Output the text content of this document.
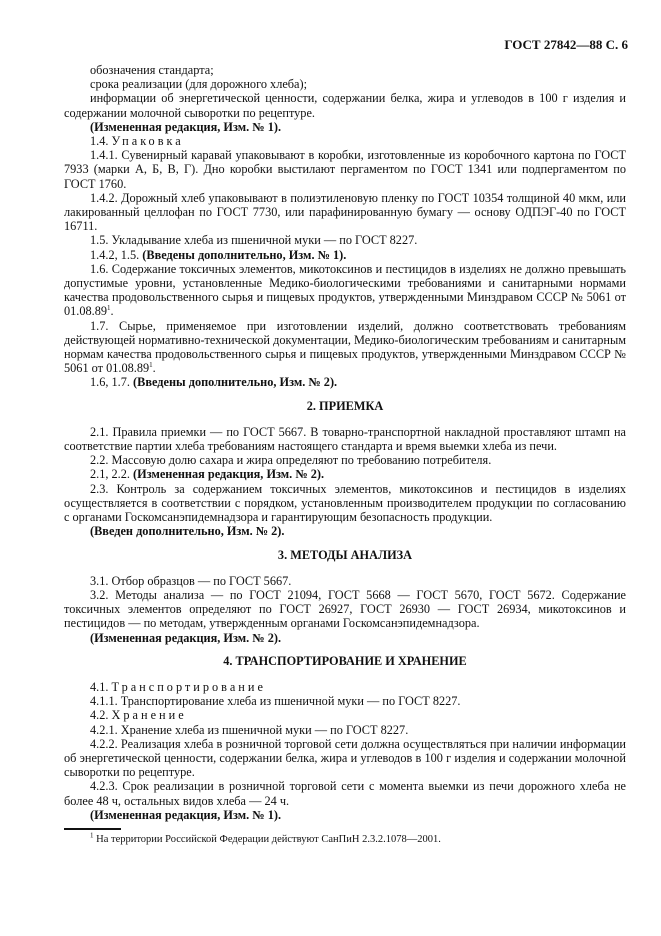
ГОСТ 27842—88 С. 6

обозначения стандарта;

срока реализации (для дорожного хлеба);

информации об энергетической ценности, содержании белка, жира и углеводов в 100 г изделия и содержании молочной сыворотки по рецептуре.

(Измененная редакция, Изм. № 1).

1.4. Упаковка

1.4.1. Сувенирный каравай упаковывают в коробки, изготовленные из коробочного картона по ГОСТ 7933 (марки А, Б, В, Г). Дно коробки выстилают пергаментом по ГОСТ 1341 или подпергаментом по ГОСТ 1760.

1.4.2. Дорожный хлеб упаковывают в полиэтиленовую пленку по ГОСТ 10354 толщиной 40 мкм, или лакированный целлофан по ГОСТ 7730, или парафинированную бумагу — основу ОДПЭГ-40 по ГОСТ 16711.

1.5. Укладывание хлеба из пшеничной муки — по ГОСТ 8227.

1.4.2, 1.5. (Введены дополнительно, Изм. № 1).

1.6. Содержание токсичных элементов, микотоксинов и пестицидов в изделиях не должно превышать допустимые уровни, установленные Медико-биологическими требованиями и санитарными нормами качества продовольственного сырья и пищевых продуктов, утвержденными Минздравом СССР № 5061 от 01.08.89$^1$.

1.7. Сырье, применяемое при изготовлении изделий, должно соответствовать требованиям действующей нормативно-технической документации, Медико-биологическим требованиям и санитарным нормам качества продовольственного сырья и пищевых продуктов, утвержденными Минздравом СССР № 5061 от 01.08.89$^1$.

1.6, 1.7. (Введены дополнительно, Изм. № 2).

2. ПРИЕМКА

2.1. Правила приемки — по ГОСТ 5667. В товарно-транспортной накладной проставляют штамп на соответствие партии хлеба требованиям настоящего стандарта и время выемки хлеба из печи.

2.2. Массовую долю сахара и жира определяют по требованию потребителя.

2.1, 2.2. (Измененная редакция, Изм. № 2).

2.3. Контроль за содержанием токсичных элементов, микотоксинов и пестицидов в изделиях осуществляется в соответствии с порядком, установленным производителем продукции по согласованию с органами Госкомсанэпидемнадзора и гарантирующим безопасность продукции.

(Введен дополнительно, Изм. № 2).

3. МЕТОДЫ АНАЛИЗА

3.1. Отбор образцов — по ГОСТ 5667.

3.2. Методы анализа — по ГОСТ 21094, ГОСТ 5668 — ГОСТ 5670, ГОСТ 5672. Содержание токсичных элементов определяют по ГОСТ 26927, ГОСТ 26930 — ГОСТ 26934, микотоксинов и пестицидов — по методам, утвержденным органами Госкомсанэпидемнадзора.

(Измененная редакция, Изм. № 2).

4. ТРАНСПОРТИРОВАНИЕ И ХРАНЕНИЕ

4.1. Транспортирование

4.1.1. Транспортирование хлеба из пшеничной муки — по ГОСТ 8227.

4.2. Хранение

4.2.1. Хранение хлеба из пшеничной муки — по ГОСТ 8227.

4.2.2. Реализация хлеба в розничной торговой сети должна осуществляться при наличии информации об энергетической ценности, содержании белка, жира и углеводов в 100 г изделия и содержании молочной сыворотки по рецептуре.

4.2.3. Срок реализации в розничной торговой сети с момента выемки из печи дорожного хлеба не более 48 ч, остальных видов хлеба — 24 ч.

(Измененная редакция, Изм. № 1).

$^1$ На территории Российской Федерации действуют СанПиН 2.3.2.1078—2001.
